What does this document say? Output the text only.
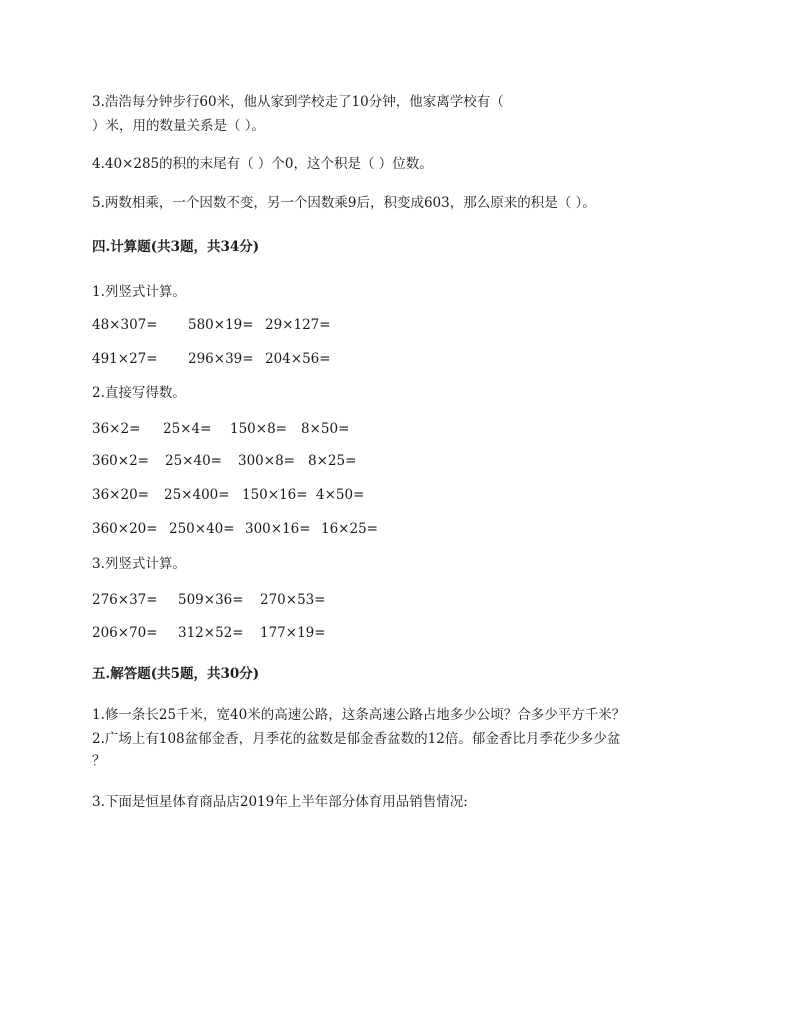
3.浩浩每分钟步行60米，他从家到学校走了10分钟，他家离学校有（
）米，用的数量关系是（ ）。
4.40×285的积的末尾有（ ）个0，这个积是（ ）位数。
5.两数相乘，一个因数不变，另一个因数乘9后，积变成603，那么原来的积是（ ）。
四.计算题(共3题，共34分)
1.列竖式计算。
48×307= 580×19= 29×127=
491×27= 296×39= 204×56=
2.直接写得数。
36×2= 25×4= 150×8= 8×50=
360×2= 25×40= 300×8= 8×25=
36×20= 25×400= 150×16= 4×50=
360×20= 250×40= 300×16= 16×25=
3.列竖式计算。
276×37= 509×36= 270×53=
206×70= 312×52= 177×19=
五.解答题(共5题，共30分)
1.修一条长25千米，宽40米的高速公路，这条高速公路占地多少公顷？合多少平方千米？
2.广场上有108盆郁金香，月季花的盆数是郁金香盆数的12倍。郁金香比月季花少多少盆
？
3.下面是恒星体育商品店2019年上半年部分体育用品销售情况:
